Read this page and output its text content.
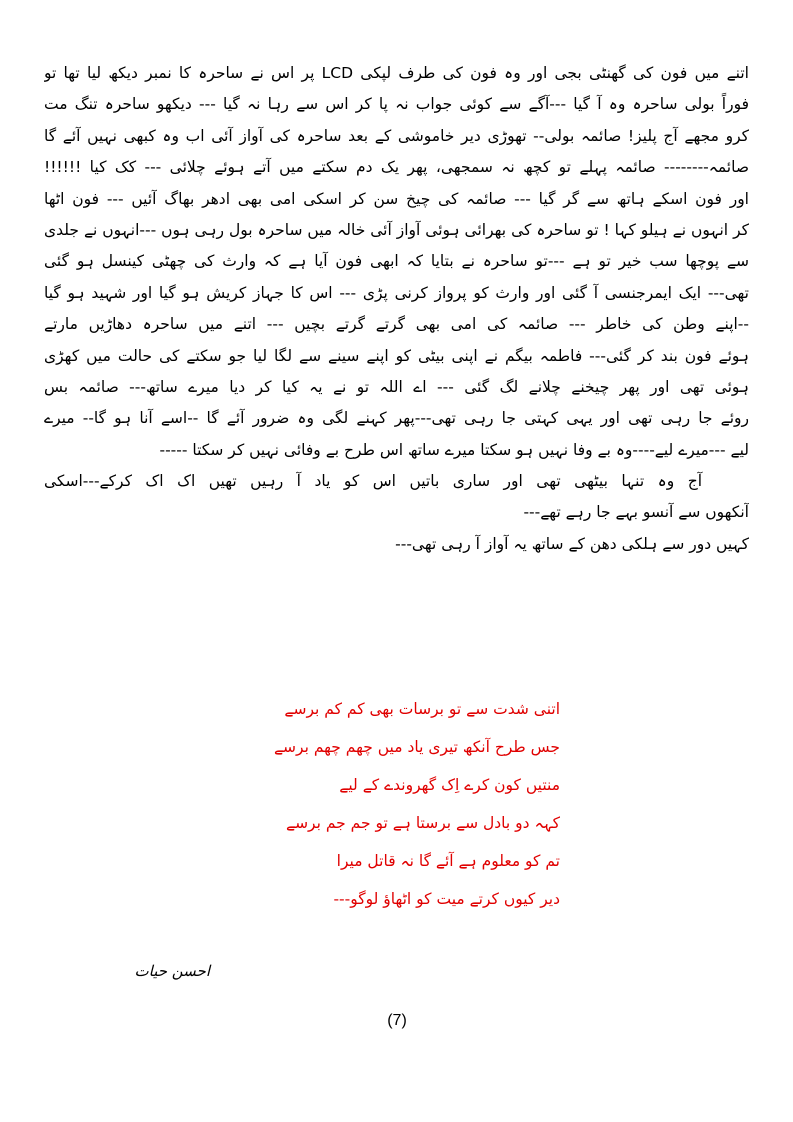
اتنے میں فون کی گھنٹی بجی اور وہ فون کی طرف لپکی LCD پر اس نے ساحرہ کا نمبر دیکھ لیا تھا تو
فوراً بولی ساحرہ وہ آ گیا ---آگے سے کوئی جواب نہ پا کر اس سے رہا نہ گیا --- دیکھو ساحرہ تنگ مت
کرو مجھے آج پلیز! صائمہ بولی-- تھوڑی دیر خاموشی کے بعد ساحرہ کی آواز آئی اب وہ کبھی نہیں آئے گا
صائمہ-------- صائمہ پہلے تو کچھ نہ سمجھی، پھر یک دم سکتے میں آتے ہوئے چلائی --- کک کیا !!!!!!
اور فون اسکے ہاتھ سے گر گیا --- صائمہ کی چیخ سن کر اسکی امی بھی ادھر بھاگ آئیں --- فون اٹھا
کر انہوں نے ہیلو کہا ! تو ساحرہ کی بھرائی ہوئی آواز آئی خالہ میں ساحرہ بول رہی ہوں ---انہوں نے جلدی
سے پوچھا سب خیر تو ہے ---تو ساحرہ نے بتایا کہ ابھی فون آیا ہے کہ وارث کی چھٹی کینسل ہو گئی
تھی--- ایک ایمرجنسی آ گئی اور وارث کو پرواز کرنی پڑی --- اس کا جہاز کریش ہو گیا اور شہید ہو گیا
--اپنے وطن کی خاطر --- صائمہ کی امی بھی گرتے گرتے بچیں --- اتنے میں ساحرہ دھاڑیں مارتے
ہوئے فون بند کر گئی--- فاطمہ بیگم نے اپنی بیٹی کو اپنے سینے سے لگا لیا جو سکتے کی حالت میں کھڑی
ہوئی تھی اور پھر چیخنے چلانے لگ گئی --- اے اللہ تو نے یہ کیا کر دیا میرے ساتھ--- صائمہ بس
روئے جا رہی تھی اور یہی کہتی جا رہی تھی---پھر کہنے لگی وہ ضرور آئے گا --اسے آنا ہو گا-- میرے
لیے ---میرے لیے----وہ بے وفا نہیں ہو سکتا میرے ساتھ اس طرح بے وفائی نہیں کر سکتا -----
آج وہ تنہا بیٹھی تھی اور ساری باتیں اس کو یاد آ رہیں تھیں اک اک کرکے---اسکی
آنکھوں سے آنسو بہے جا رہے تھے---
کہیں دور سے ہلکی دھن کے ساتھ یہ آواز آ رہی تھی---
اتنی شدت سے تو برسات بھی کم کم برسے
جس طرح آنکھ تیری یاد میں چھم چھم برسے
منتیں کون کرے اِک گھروندے کے لیے
کہہ دو بادل سے برستا ہے تو جم جم برسے
تم کو معلوم ہے آئے گا نہ قاتل میرا
دیر کیوں کرتے میت کو اٹھاؤ لوگو---
احسن حیات
(7)
